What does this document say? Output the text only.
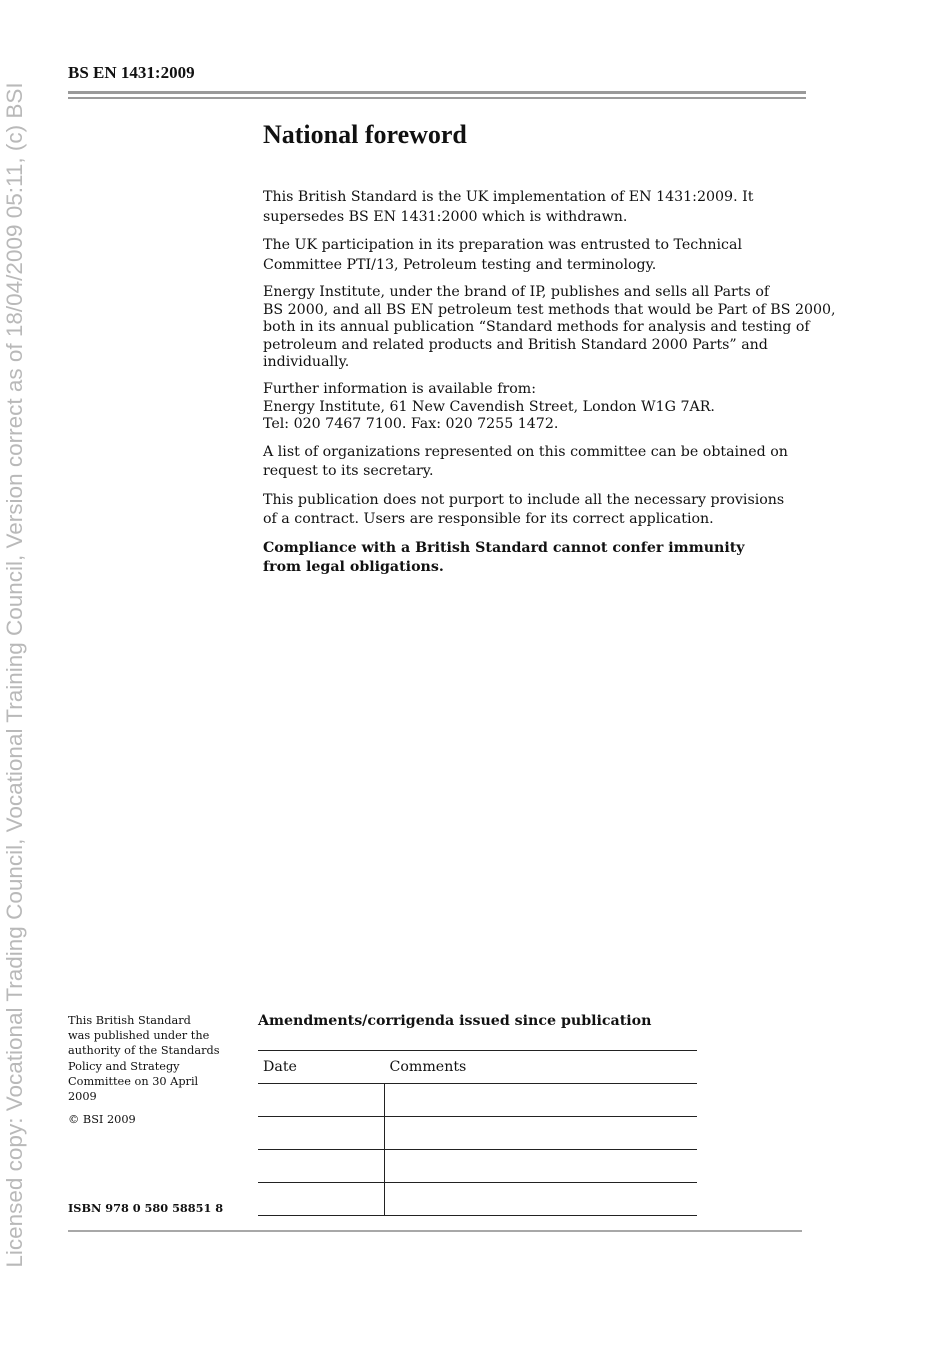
Licensed copy: Vocational Trading Council, Vocational Training Council, Version correct as of 18/04/2009 05:11, (c) BSI
BS EN 1431:2009
National foreword

This British Standard is the UK implementation of EN 1431:2009. It
supersedes BS EN 1431:2000 which is withdrawn.

The UK participation in its preparation was entrusted to Technical
Committee PTI/13, Petroleum testing and terminology.

Energy Institute, under the brand of IP, publishes and sells all Parts of
BS 2000, and all BS EN petroleum test methods that would be Part of BS 2000,
both in its annual publication “Standard methods for analysis and testing of
petroleum and related products and British Standard 2000 Parts” and
individually.

Further information is available from:
Energy Institute, 61 New Cavendish Street, London W1G 7AR.
Tel: 020 7467 7100. Fax: 020 7255 1472.

A list of organizations represented on this committee can be obtained on
request to its secretary.

This publication does not purport to include all the necessary provisions
of a contract. Users are responsible for its correct application.

Compliance with a British Standard cannot confer immunity
from legal obligations.

This British Standard
was published under the
authority of the Standards
Policy and Strategy
Committee on 30 April
2009
© BSI 2009
ISBN 978 0 580 58851 8
Amendments/corrigenda issued since publication
Date	Comments
